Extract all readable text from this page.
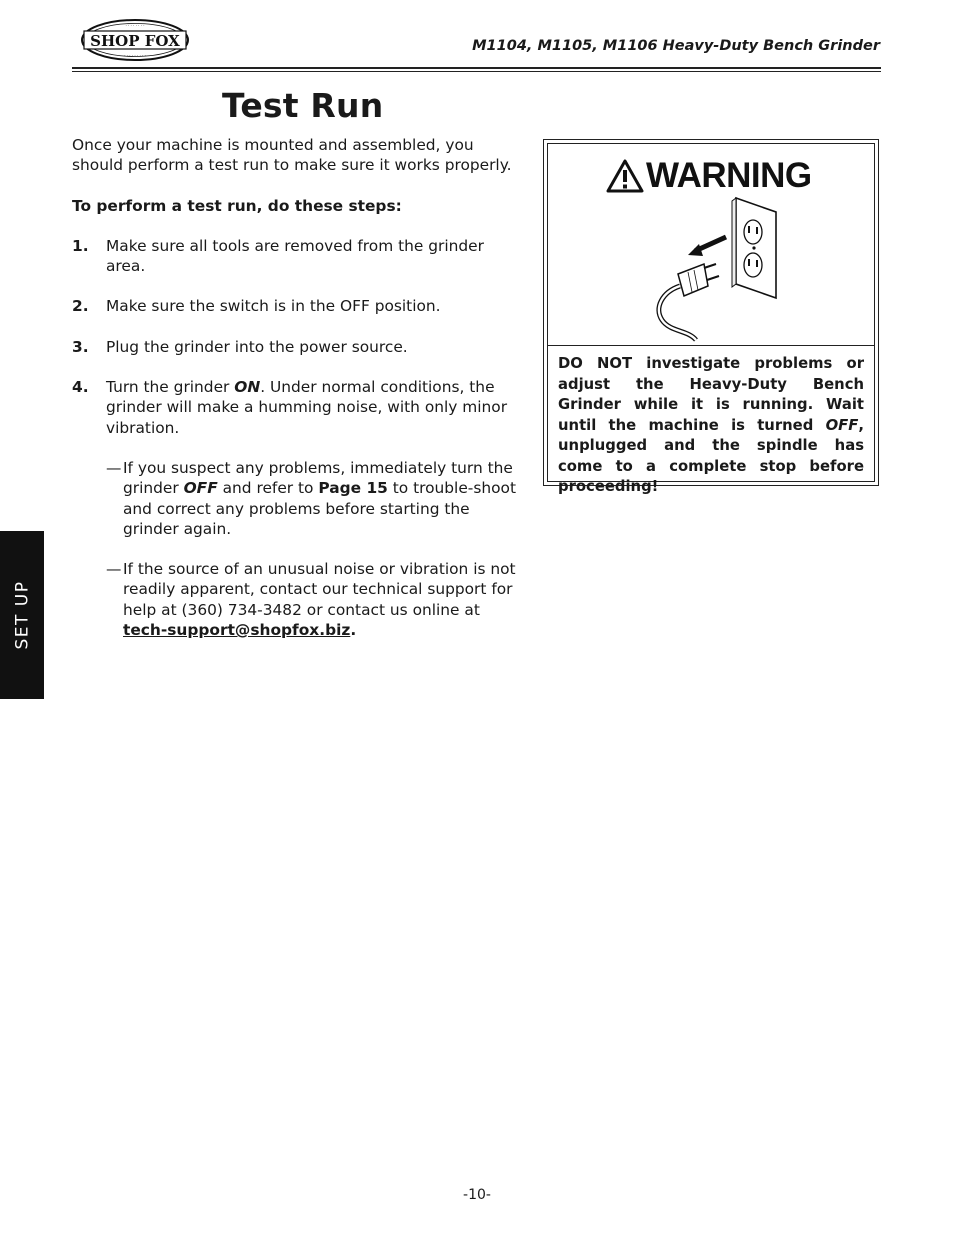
SHOP FOX
· · · · · · · ·
· · · · · · · · ·
M1104, M1105, M1106 Heavy-Duty Bench Grinder
Test Run

Once your machine is mounted and assembled, you should perform a test run to make sure it works properly.

To perform a test run, do these steps:

1. Make sure all tools are removed from the grinder area.
2. Make sure the switch is in the OFF position.
3. Plug the grinder into the power source.
4. Turn the grinder ON. Under normal conditions, the grinder will make a humming noise, with only minor vibration.
— If you suspect any problems, immediately turn the grinder OFF and refer to Page 15 to trouble-shoot and correct any problems before starting the grinder again.
— If the source of an unusual noise or vibration is not readily apparent, contact our technical support for help at (360) 734-3482 or contact us online at tech-support@shopfox.biz.
WARNING
DO NOT investigate problems or adjust the Heavy-Duty Bench Grinder while it is running. Wait until the machine is turned OFF, unplugged and the spindle has come to a complete stop before proceeding!
SET UP
-10-
